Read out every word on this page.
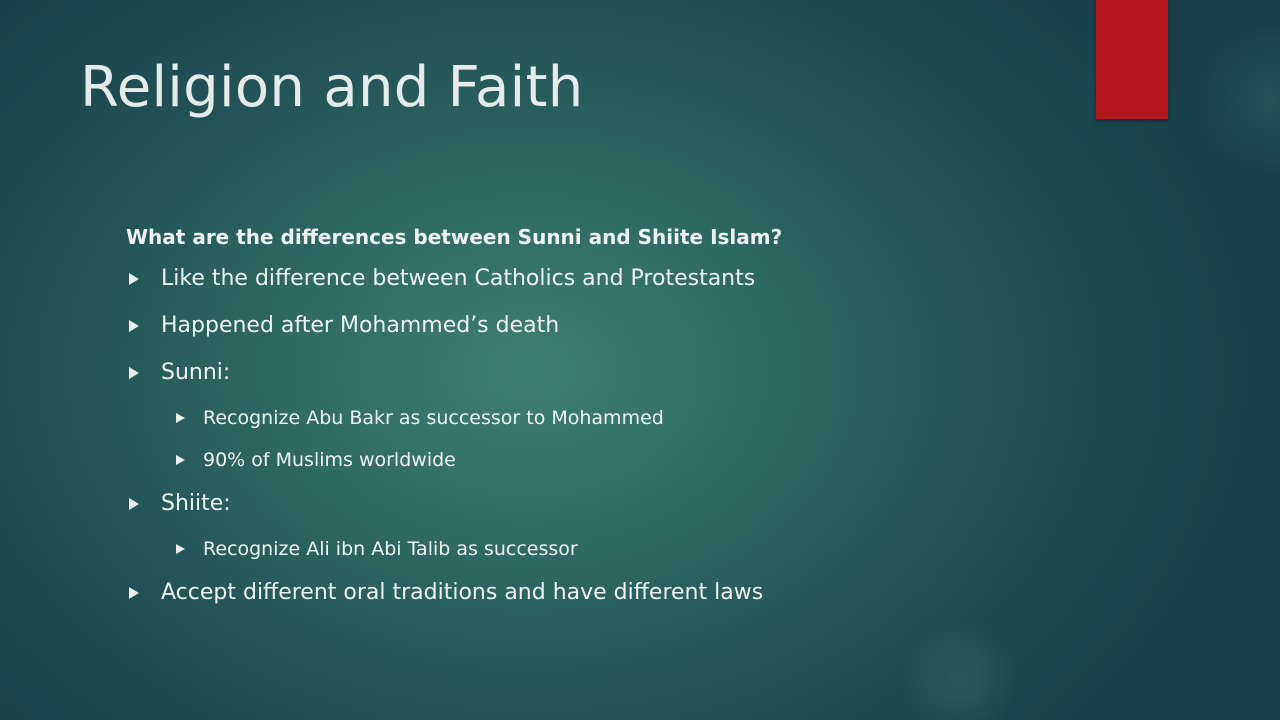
Religion and Faith

What are the differences between Sunni and Shiite Islam?

Like the difference between Catholics and Protestants
Happened after Mohammed’s death
Sunni:
Recognize Abu Bakr as successor to Mohammed
90% of Muslims worldwide
Shiite:
Recognize Ali ibn Abi Talib as successor
Accept different oral traditions and have different laws
